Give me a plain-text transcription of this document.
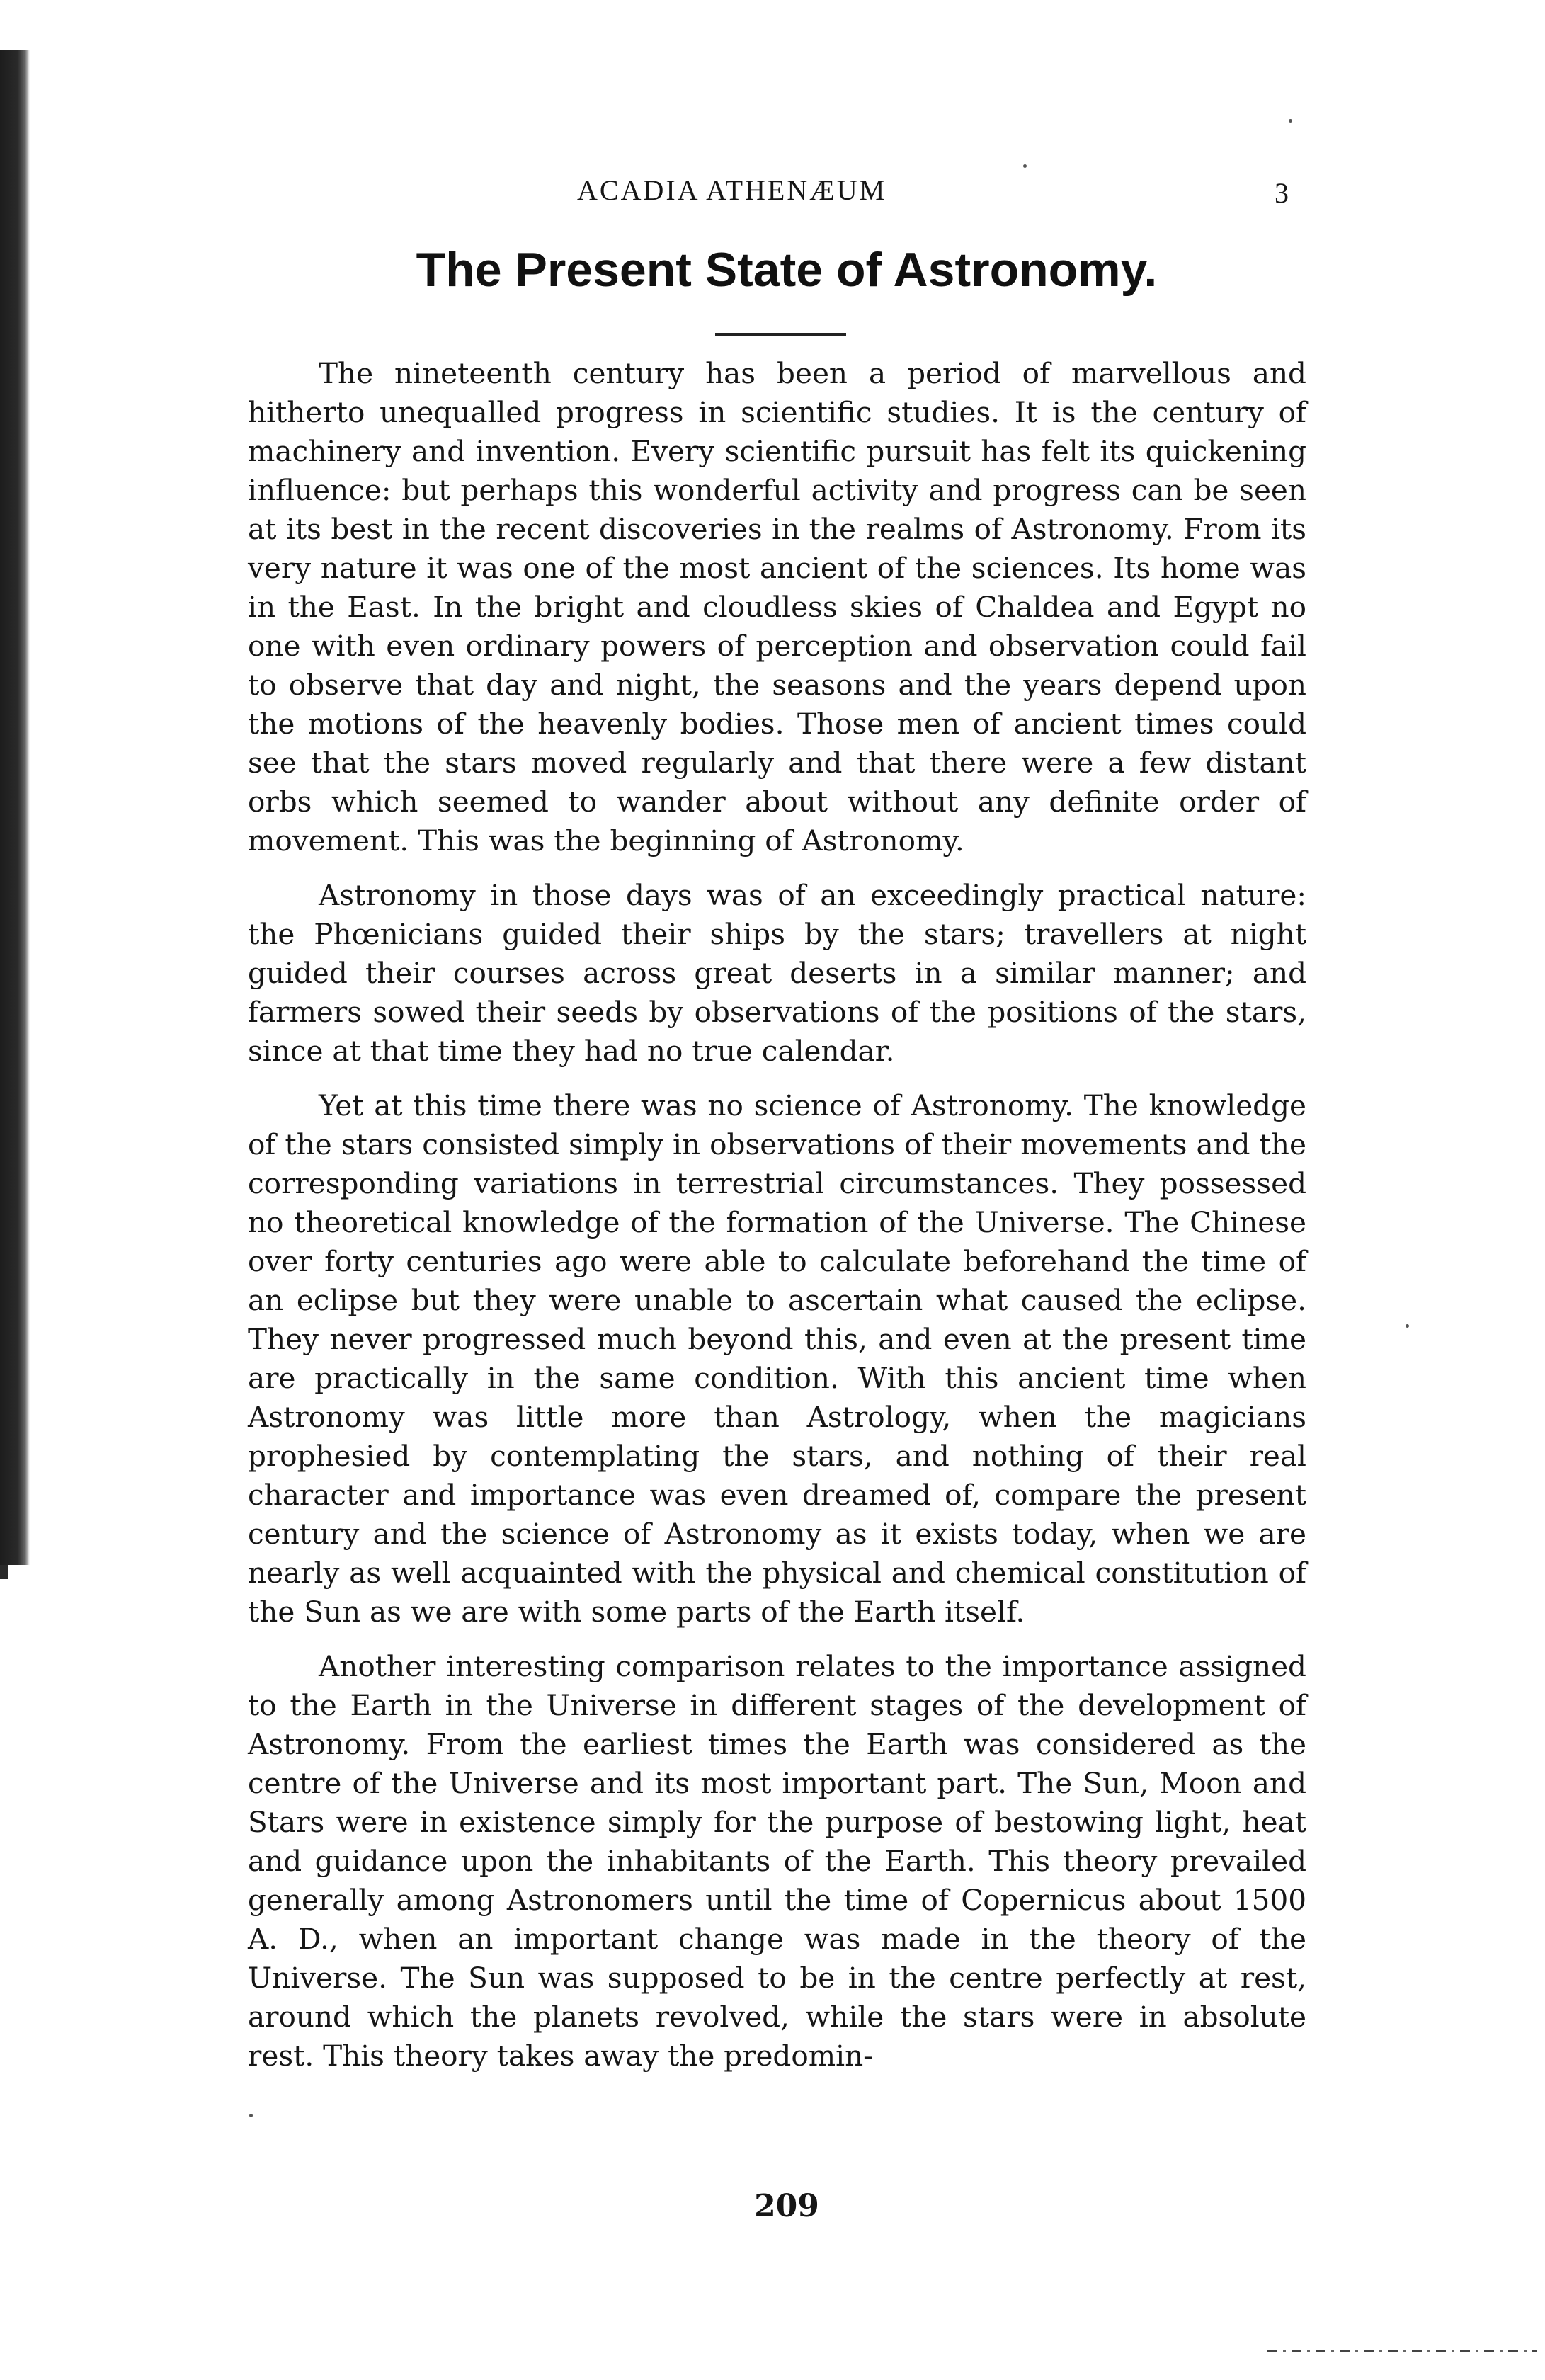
ACADIA ATHENÆUM	3
The Present State of Astronomy.

The nineteenth century has been a period of marvellous and hitherto unequalled progress in scientific studies. It is the century of machinery and invention. Every scientific pursuit has felt its quickening influence: but perhaps this wonderful activity and progress can be seen at its best in the recent discoveries in the realms of Astronomy. From its very nature it was one of the most ancient of the sciences. Its home was in the East. In the bright and cloudless skies of Chaldea and Egypt no one with even ordinary powers of perception and observation could fail to observe that day and night, the seasons and the years depend upon the motions of the heavenly bodies. Those men of ancient times could see that the stars moved regularly and that there were a few distant orbs which seemed to wander about without any definite order of movement. This was the beginning of Astronomy.

Astronomy in those days was of an exceedingly practical nature: the Phœnicians guided their ships by the stars; travellers at night guided their courses across great deserts in a similar manner; and farmers sowed their seeds by observations of the positions of the stars, since at that time they had no true calendar.

Yet at this time there was no science of Astronomy. The knowledge of the stars consisted simply in observations of their movements and the corresponding variations in terrestrial circumstances. They possessed no theoretical knowledge of the formation of the Universe. The Chinese over forty centuries ago were able to calculate beforehand the time of an eclipse but they were unable to ascertain what caused the eclipse. They never progressed much beyond this, and even at the present time are practically in the same condition. With this ancient time when Astronomy was little more than Astrology, when the magicians prophesied by contemplating the stars, and nothing of their real character and importance was even dreamed of, compare the present century and the science of Astronomy as it exists today, when we are nearly as well acquainted with the physical and chemical constitution of the Sun as we are with some parts of the Earth itself.

Another interesting comparison relates to the importance assigned to the Earth in the Universe in different stages of the development of Astronomy. From the earliest times the Earth was considered as the centre of the Universe and its most important part. The Sun, Moon and Stars were in existence simply for the purpose of bestowing light, heat and guidance upon the inhabitants of the Earth. This theory prevailed generally among Astronomers until the time of Copernicus about 1500 A. D., when an important change was made in the theory of the Universe. The Sun was supposed to be in the centre perfectly at rest, around which the planets revolved, while the stars were in absolute rest. This theory takes away the predomin-

209
